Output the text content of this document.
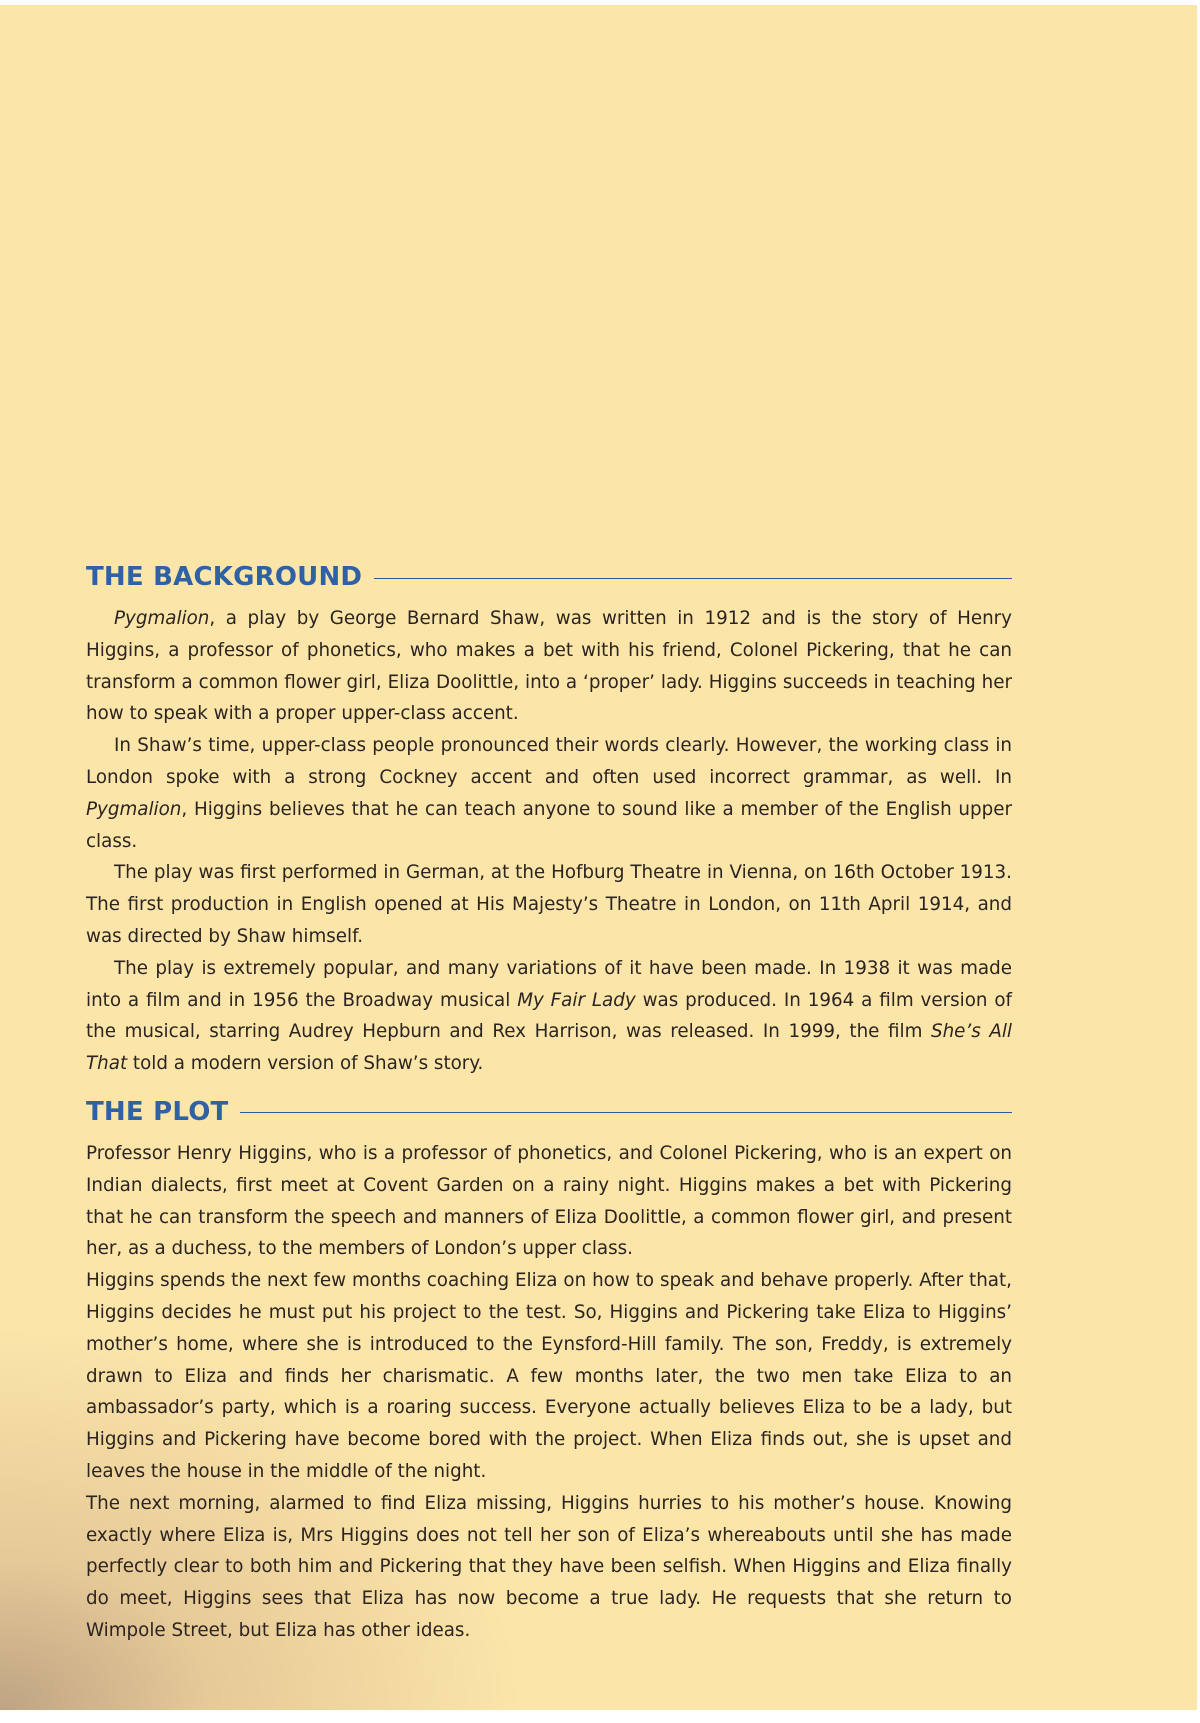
THE BACKGROUND

Pygmalion, a play by George Bernard Shaw, was written in 1912 and is the story of Henry Higgins, a professor of phonetics, who makes a bet with his friend, Colonel Pickering, that he can transform a common flower girl, Eliza Doolittle, into a ‘proper’ lady. Higgins succeeds in teaching her how to speak with a proper upper-class accent.

In Shaw’s time, upper-class people pronounced their words clearly. However, the working class in London spoke with a strong Cockney accent and often used incorrect grammar, as well. In Pygmalion, Higgins believes that he can teach anyone to sound like a member of the English upper class.

The play was first performed in German, at the Hofburg Theatre in Vienna, on 16th October 1913. The first production in English opened at His Majesty’s Theatre in London, on 11th April 1914, and was directed by Shaw himself.

The play is extremely popular, and many variations of it have been made. In 1938 it was made into a film and in 1956 the Broadway musical My Fair Lady was produced. In 1964 a film version of the musical, starring Audrey Hepburn and Rex Harrison, was released. In 1999, the film She’s All That told a modern version of Shaw’s story.

THE PLOT

Professor Henry Higgins, who is a professor of phonetics, and Colonel Pickering, who is an expert on Indian dialects, first meet at Covent Garden on a rainy night. Higgins makes a bet with Pickering that he can transform the speech and manners of Eliza Doolittle, a common flower girl, and present her, as a duchess, to the members of London’s upper class.

Higgins spends the next few months coaching Eliza on how to speak and behave properly. After that, Higgins decides he must put his project to the test. So, Higgins and Pickering take Eliza to Higgins’ mother’s home, where she is introduced to the Eynsford-Hill family. The son, Freddy, is extremely drawn to Eliza and finds her charismatic. A few months later, the two men take Eliza to an ambassador’s party, which is a roaring success. Everyone actually believes Eliza to be a lady, but Higgins and Pickering have become bored with the project. When Eliza finds out, she is upset and leaves the house in the middle of the night.

The next morning, alarmed to find Eliza missing, Higgins hurries to his mother’s house. Knowing exactly where Eliza is, Mrs Higgins does not tell her son of Eliza’s whereabouts until she has made perfectly clear to both him and Pickering that they have been selfish. When Higgins and Eliza finally do meet, Higgins sees that Eliza has now become a true lady. He requests that she return to Wimpole Street, but Eliza has other ideas.
